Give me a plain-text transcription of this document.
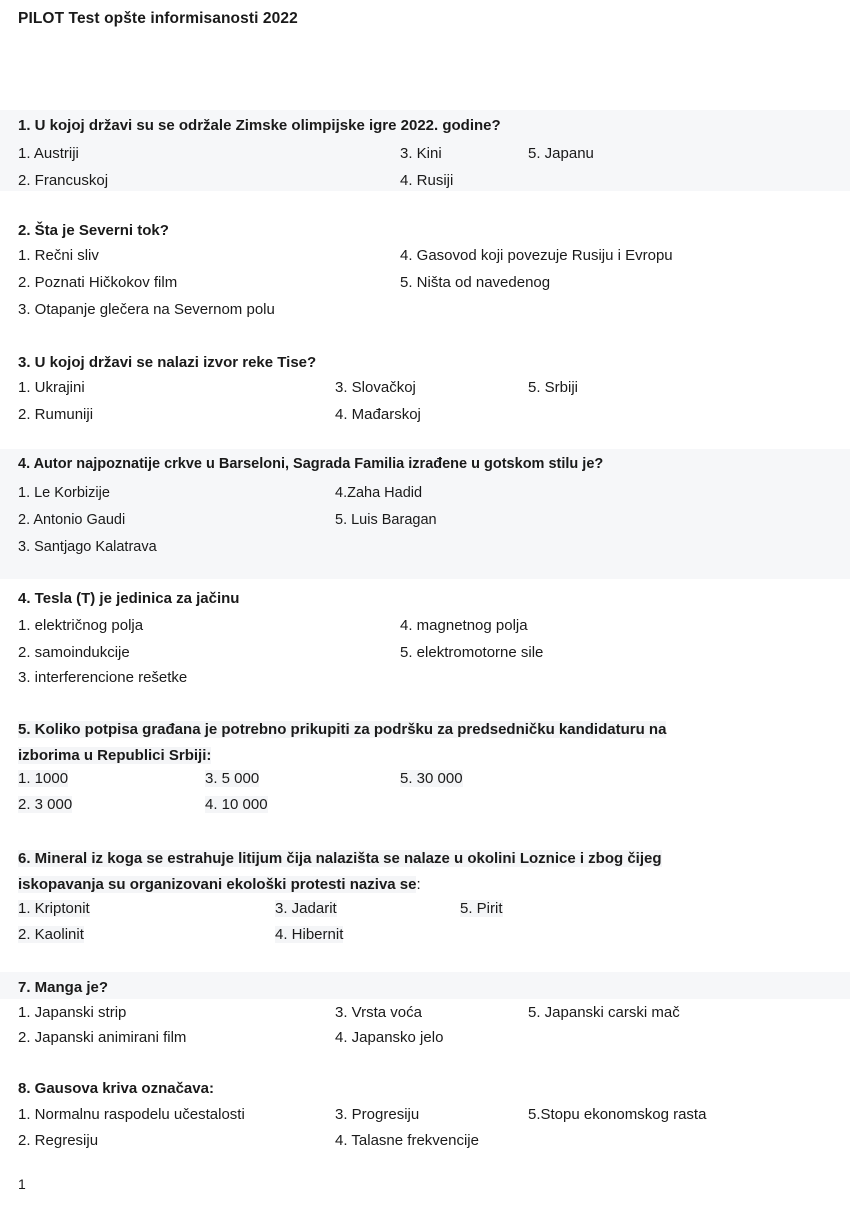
PILOT Test opšte informisanosti 2022
1. U kojoj državi su se održale Zimske olimpijske igre 2022. godine?
1. Austriji
2. Francuskoj
3. Kini
4. Rusiji
5. Japanu
2. Šta je Severni tok?
1. Rečni sliv
2. Poznati Hičkokov film
3. Otapanje glečera na Severnom polu
4. Gasovod koji povezuje Rusiju i Evropu
5. Ništa od navedenog
3. U kojoj državi se nalazi izvor reke Tise?
1. Ukrajini
2. Rumuniji
3. Slovačkoj
4. Mađarskoj
5. Srbiji
4. Autor najpoznatije crkve u Barseloni, Sagrada Familia izrađene u gotskom stilu je?
1. Le Korbizije
2. Antonio Gaudi
3. Santjago Kalatrava
4.Zaha Hadid
5. Luis Baragan
4. Tesla (T) je jedinica za jačinu
1. električnog polja
2. samoindukcije
3. interferencione rešetke
4. magnetnog polja
5. elektromotorne sile
5. Koliko potpisa građana je potrebno prikupiti za podršku za predsedničku kandidaturu na
izborima u Republici Srbiji:
1. 1000
2. 3 000
3. 5 000
4. 10 000
5. 30 000
6. Mineral iz koga se estrahuje litijum čija nalazišta se nalaze u okolini Loznice i zbog čijeg
iskopavanja su organizovani ekološki protesti naziva se:
1. Kriptonit
2. Kaolinit
3. Jadarit
4. Hibernit
5. Pirit
7. Manga je?
1. Japanski strip
2. Japanski animirani film
3. Vrsta voća
4. Japansko jelo
5. Japanski carski mač
8. Gausova kriva označava:
1. Normalnu raspodelu učestalosti
2. Regresiju
3. Progresiju
4. Talasne frekvencije
5.Stopu ekonomskog rasta
1
